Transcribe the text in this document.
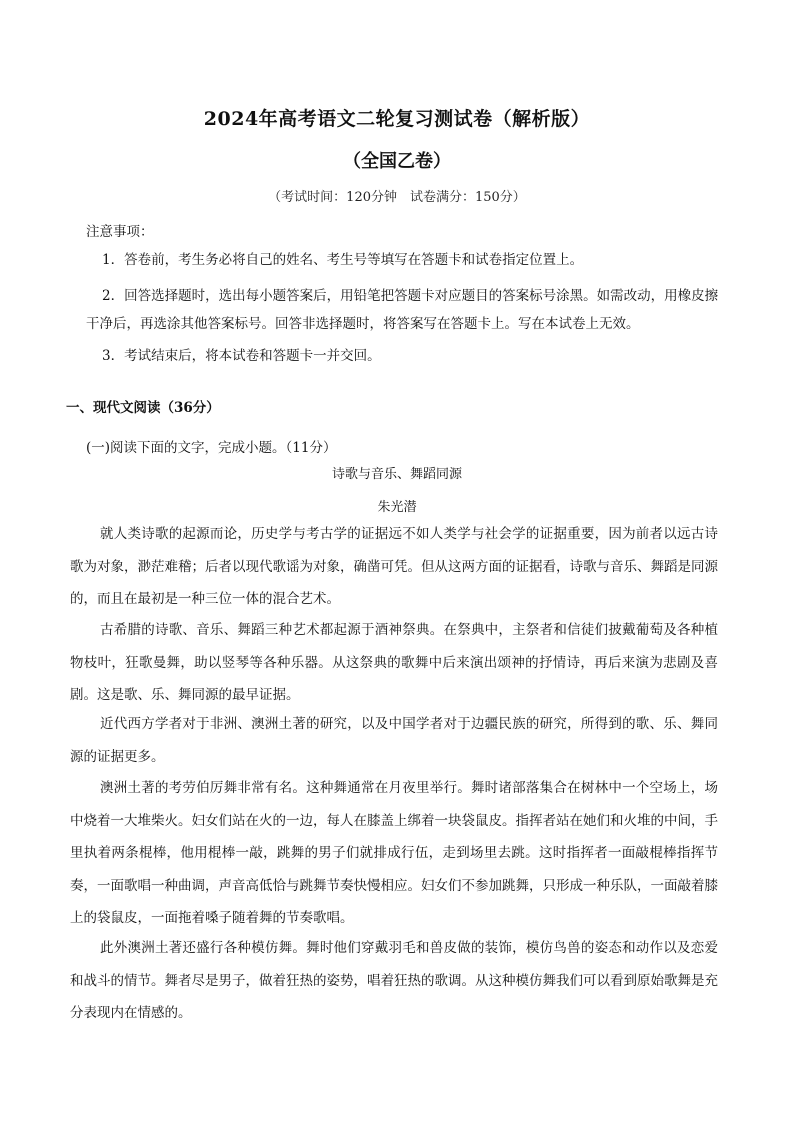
2024年高考语文二轮复习测试卷（解析版）
（全国乙卷）
（考试时间：120分钟　试卷满分：150分）
注意事项：
1．答卷前，考生务必将自己的姓名、考生号等填写在答题卡和试卷指定位置上。
2．回答选择题时，选出每小题答案后，用铅笔把答题卡对应题目的答案标号涂黑。如需改动，用橡皮擦干净后，再选涂其他答案标号。回答非选择题时，将答案写在答题卡上。写在本试卷上无效。
3．考试结束后，将本试卷和答题卡一并交回。
一、现代文阅读（36分）
(一)阅读下面的文字，完成小题。（11分）
诗歌与音乐、舞蹈同源
朱光潜
就人类诗歌的起源而论，历史学与考古学的证据远不如人类学与社会学的证据重要，因为前者以远古诗歌为对象，渺茫难稽；后者以现代歌谣为对象，确凿可凭。但从这两方面的证据看，诗歌与音乐、舞蹈是同源的，而且在最初是一种三位一体的混合艺术。
古希腊的诗歌、音乐、舞蹈三种艺术都起源于酒神祭典。在祭典中，主祭者和信徒们披戴葡萄及各种植物枝叶，狂歌曼舞，助以竖琴等各种乐器。从这祭典的歌舞中后来演出颂神的抒情诗，再后来演为悲剧及喜剧。这是歌、乐、舞同源的最早证据。
近代西方学者对于非洲、澳洲土著的研究，以及中国学者对于边疆民族的研究，所得到的歌、乐、舞同源的证据更多。
澳洲土著的考劳伯厉舞非常有名。这种舞通常在月夜里举行。舞时诸部落集合在树林中一个空场上，场中烧着一大堆柴火。妇女们站在火的一边，每人在膝盖上绑着一块袋鼠皮。指挥者站在她们和火堆的中间，手里执着两条棍棒，他用棍棒一敲，跳舞的男子们就排成行伍，走到场里去跳。这时指挥者一面敲棍棒指挥节奏，一面歌唱一种曲调，声音高低恰与跳舞节奏快慢相应。妇女们不参加跳舞，只形成一种乐队，一面敲着膝上的袋鼠皮，一面拖着嗓子随着舞的节奏歌唱。
此外澳洲土著还盛行各种模仿舞。舞时他们穿戴羽毛和兽皮做的装饰，模仿鸟兽的姿态和动作以及恋爱和战斗的情节。舞者尽是男子，做着狂热的姿势，唱着狂热的歌调。从这种模仿舞我们可以看到原始歌舞是充分表现内在情感的。
